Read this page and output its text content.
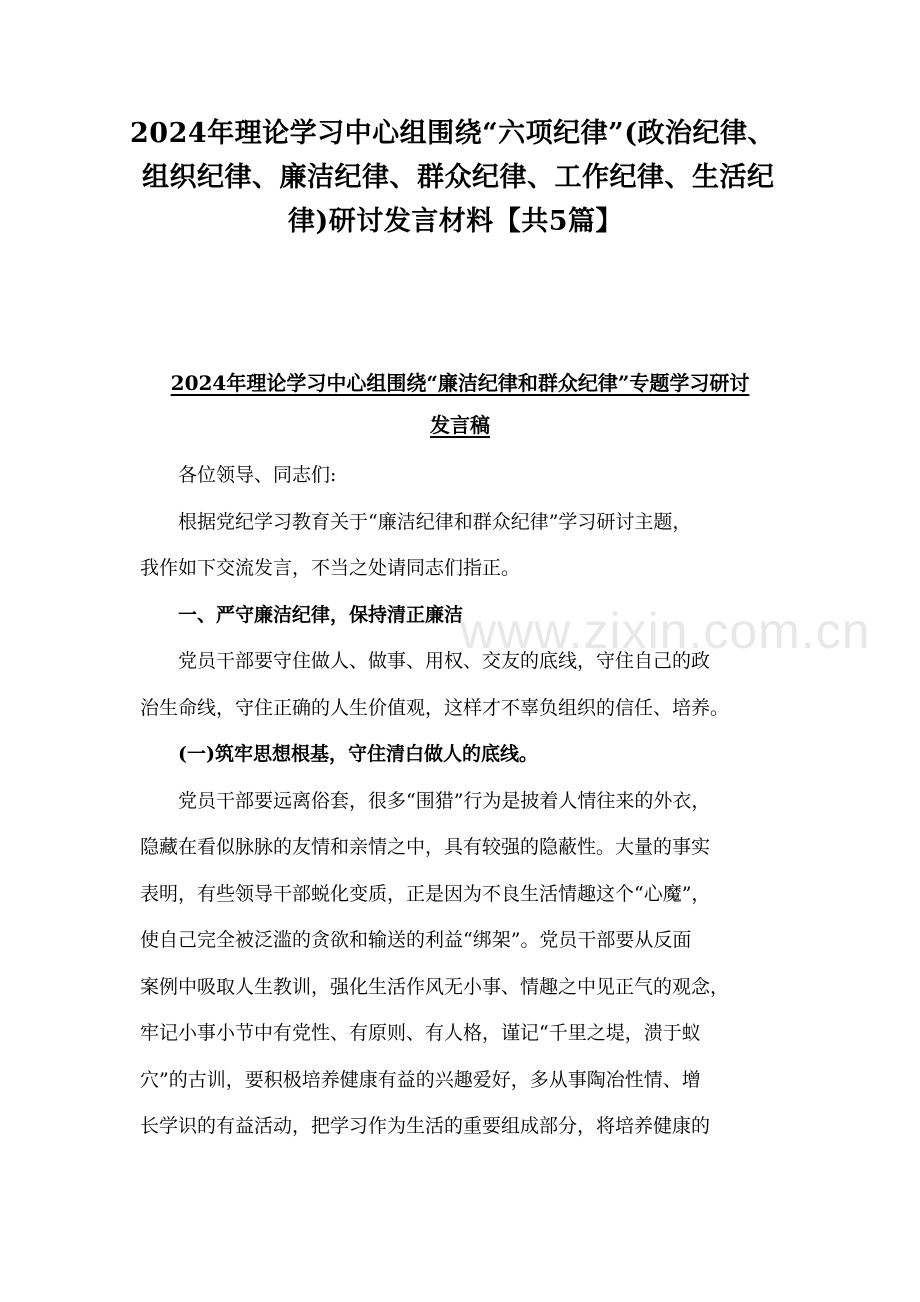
2024年理论学习中心组围绕“六项纪律”(政治纪律、
组织纪律、廉洁纪律、群众纪律、工作纪律、生活纪
律)研讨发言材料【共5篇】
2024年理论学习中心组围绕“廉洁纪律和群众纪律”专题学习研讨
发言稿
各位领导、同志们:
根据党纪学习教育关于“廉洁纪律和群众纪律”学习研讨主题，
我作如下交流发言，不当之处请同志们指正。
一、严守廉洁纪律，保持清正廉洁
党员干部要守住做人、做事、用权、交友的底线，守住自己的政
治生命线，守住正确的人生价值观，这样才不辜负组织的信任、培养。
(一)筑牢思想根基，守住清白做人的底线。
党员干部要远离俗套，很多“围猎”行为是披着人情往来的外衣，
隐藏在看似脉脉的友情和亲情之中，具有较强的隐蔽性。大量的事实
表明，有些领导干部蜕化变质，正是因为不良生活情趣这个“心魔”，
使自己完全被泛滥的贪欲和输送的利益“绑架”。党员干部要从反面
案例中吸取人生教训，强化生活作风无小事、情趣之中见正气的观念，
牢记小事小节中有党性、有原则、有人格，谨记“千里之堤，溃于蚁
穴”的古训，要积极培养健康有益的兴趣爱好，多从事陶冶性情、增
长学识的有益活动，把学习作为生活的重要组成部分，将培养健康的
www.zixin.com.cn
